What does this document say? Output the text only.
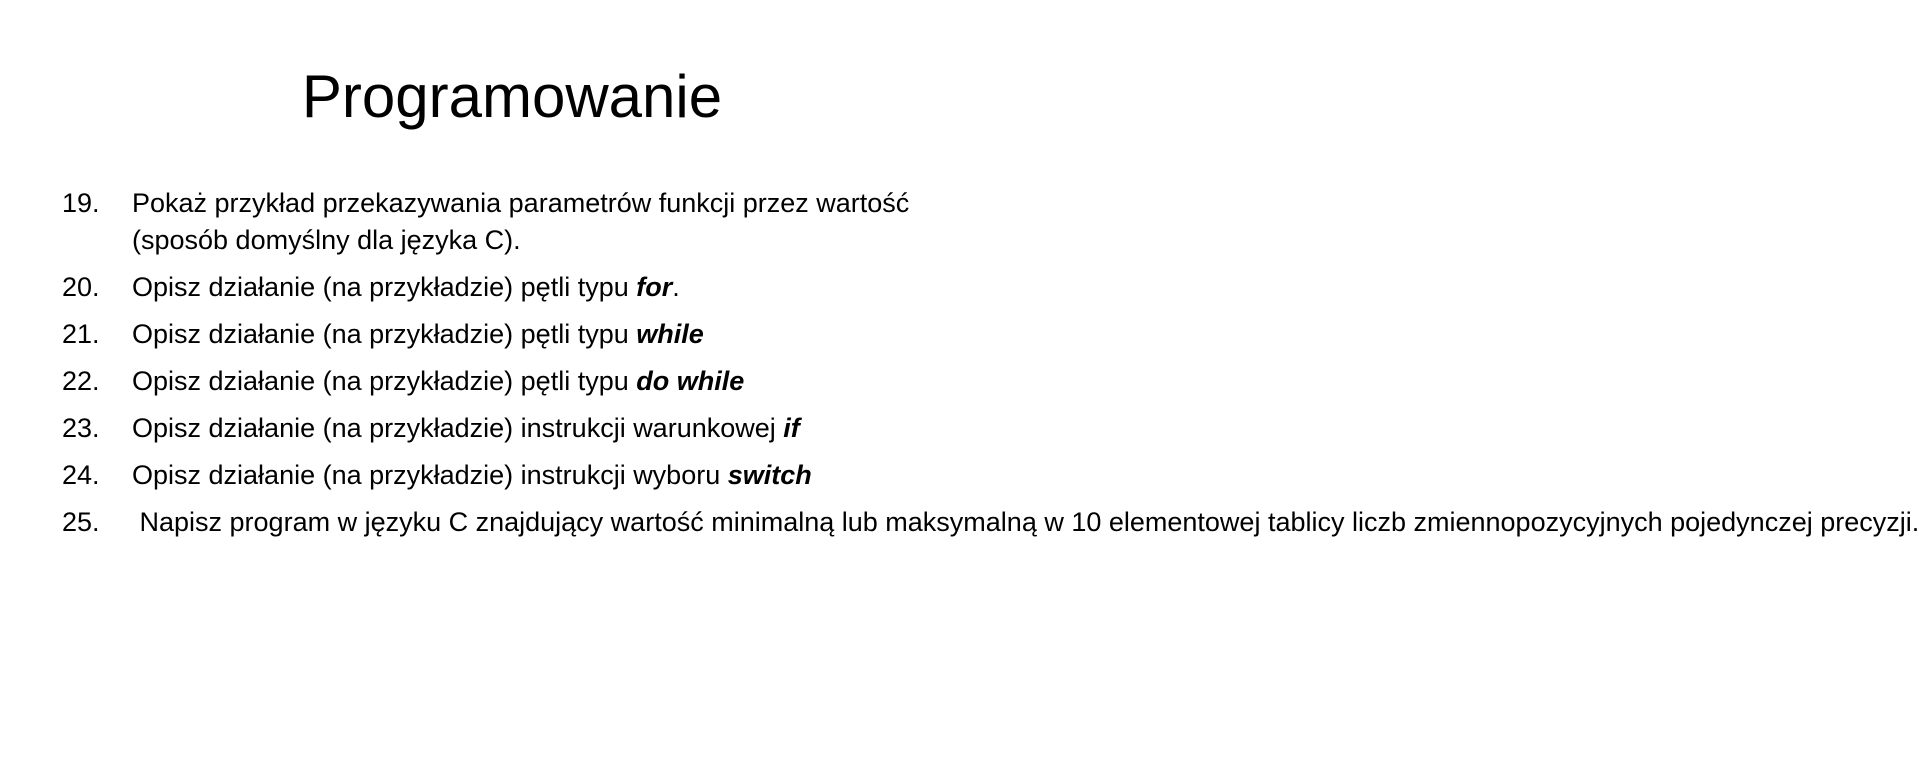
Programowanie
19.	Pokaż przykład przekazywania parametrów funkcji przez wartość (sposób domyślny dla języka C).
20.	Opisz działanie (na przykładzie) pętli typu for.
21.	Opisz działanie (na przykładzie) pętli typu while
22.	Opisz działanie (na przykładzie) pętli typu do while
23.	Opisz działanie (na przykładzie) instrukcji warunkowej if
24.	Opisz działanie (na przykładzie) instrukcji wyboru switch
25.	Napisz program w języku C znajdujący wartość minimalną lub maksymalną w 10 elementowej tablicy liczb zmiennopozycyjnych pojedynczej precyzji.
